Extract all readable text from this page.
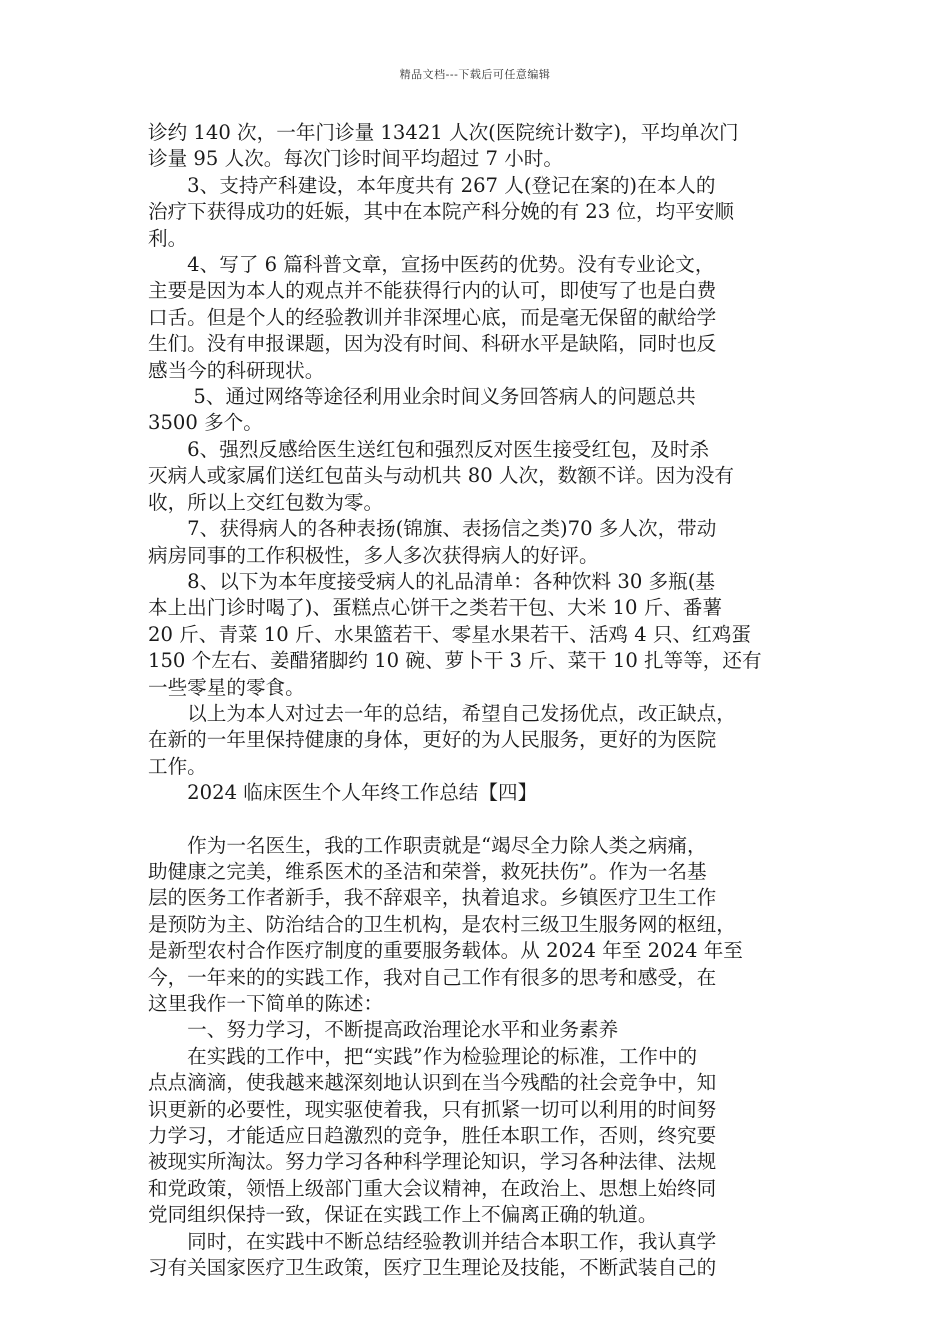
精品文档---下载后可任意编辑

诊约 140 次，一年门诊量 13421 人次(医院统计数字)，平均单次门

诊量 95 人次。每次门诊时间平均超过 7 小时。

　　3、支持产科建设，本年度共有 267 人(登记在案的)在本人的

治疗下获得成功的妊娠，其中在本院产科分娩的有 23 位，均平安顺

利。

　　4、写了 6 篇科普文章，宣扬中医药的优势。没有专业论文，

主要是因为本人的观点并不能获得行内的认可，即使写了也是白费

口舌。但是个人的经验教训并非深埋心底，而是毫无保留的献给学

生们。没有申报课题，因为没有时间、科研水平是缺陷，同时也反

感当今的科研现状。

　　 5、通过网络等途径利用业余时间义务回答病人的问题总共

3500 多个。

　　6、强烈反感给医生送红包和强烈反对医生接受红包，及时杀

灭病人或家属们送红包苗头与动机共 80 人次，数额不详。因为没有

收，所以上交红包数为零。

　　7、获得病人的各种表扬(锦旗、表扬信之类)70 多人次，带动

病房同事的工作积极性，多人多次获得病人的好评。

　　8、以下为本年度接受病人的礼品清单：各种饮料 30 多瓶(基

本上出门诊时喝了)、蛋糕点心饼干之类若干包、大米 10 斤、番薯

20 斤、青菜 10 斤、水果篮若干、零星水果若干、活鸡 4 只、红鸡蛋

150 个左右、姜醋猪脚约 10 碗、萝卜干 3 斤、菜干 10 扎等等，还有

一些零星的零食。

　　以上为本人对过去一年的总结，希望自己发扬优点，改正缺点，

在新的一年里保持健康的身体，更好的为人民服务，更好的为医院

工作。

　　2024 临床医生个人年终工作总结【四】

　　作为一名医生，我的工作职责就是“竭尽全力除人类之病痛，

助健康之完美，维系医术的圣洁和荣誉，救死扶伤”。作为一名基

层的医务工作者新手，我不辞艰辛，执着追求。乡镇医疗卫生工作

是预防为主、防治结合的卫生机构，是农村三级卫生服务网的枢纽，

是新型农村合作医疗制度的重要服务载体。从 2024 年至 2024 年至

今，一年来的的实践工作，我对自己工作有很多的思考和感受，在

这里我作一下简单的陈述：

　　一、努力学习，不断提高政治理论水平和业务素养

　　在实践的工作中，把“实践”作为检验理论的标准，工作中的

点点滴滴，使我越来越深刻地认识到在当今残酷的社会竞争中，知

识更新的必要性，现实驱使着我，只有抓紧一切可以利用的时间努

力学习，才能适应日趋激烈的竞争，胜任本职工作，否则，终究要

被现实所淘汰。努力学习各种科学理论知识，学习各种法律、法规

和党政策，领悟上级部门重大会议精神，在政治上、思想上始终同

党同组织保持一致，保证在实践工作上不偏离正确的轨道。

　　同时，在实践中不断总结经验教训并结合本职工作，我认真学

习有关国家医疗卫生政策，医疗卫生理论及技能，不断武装自己的
